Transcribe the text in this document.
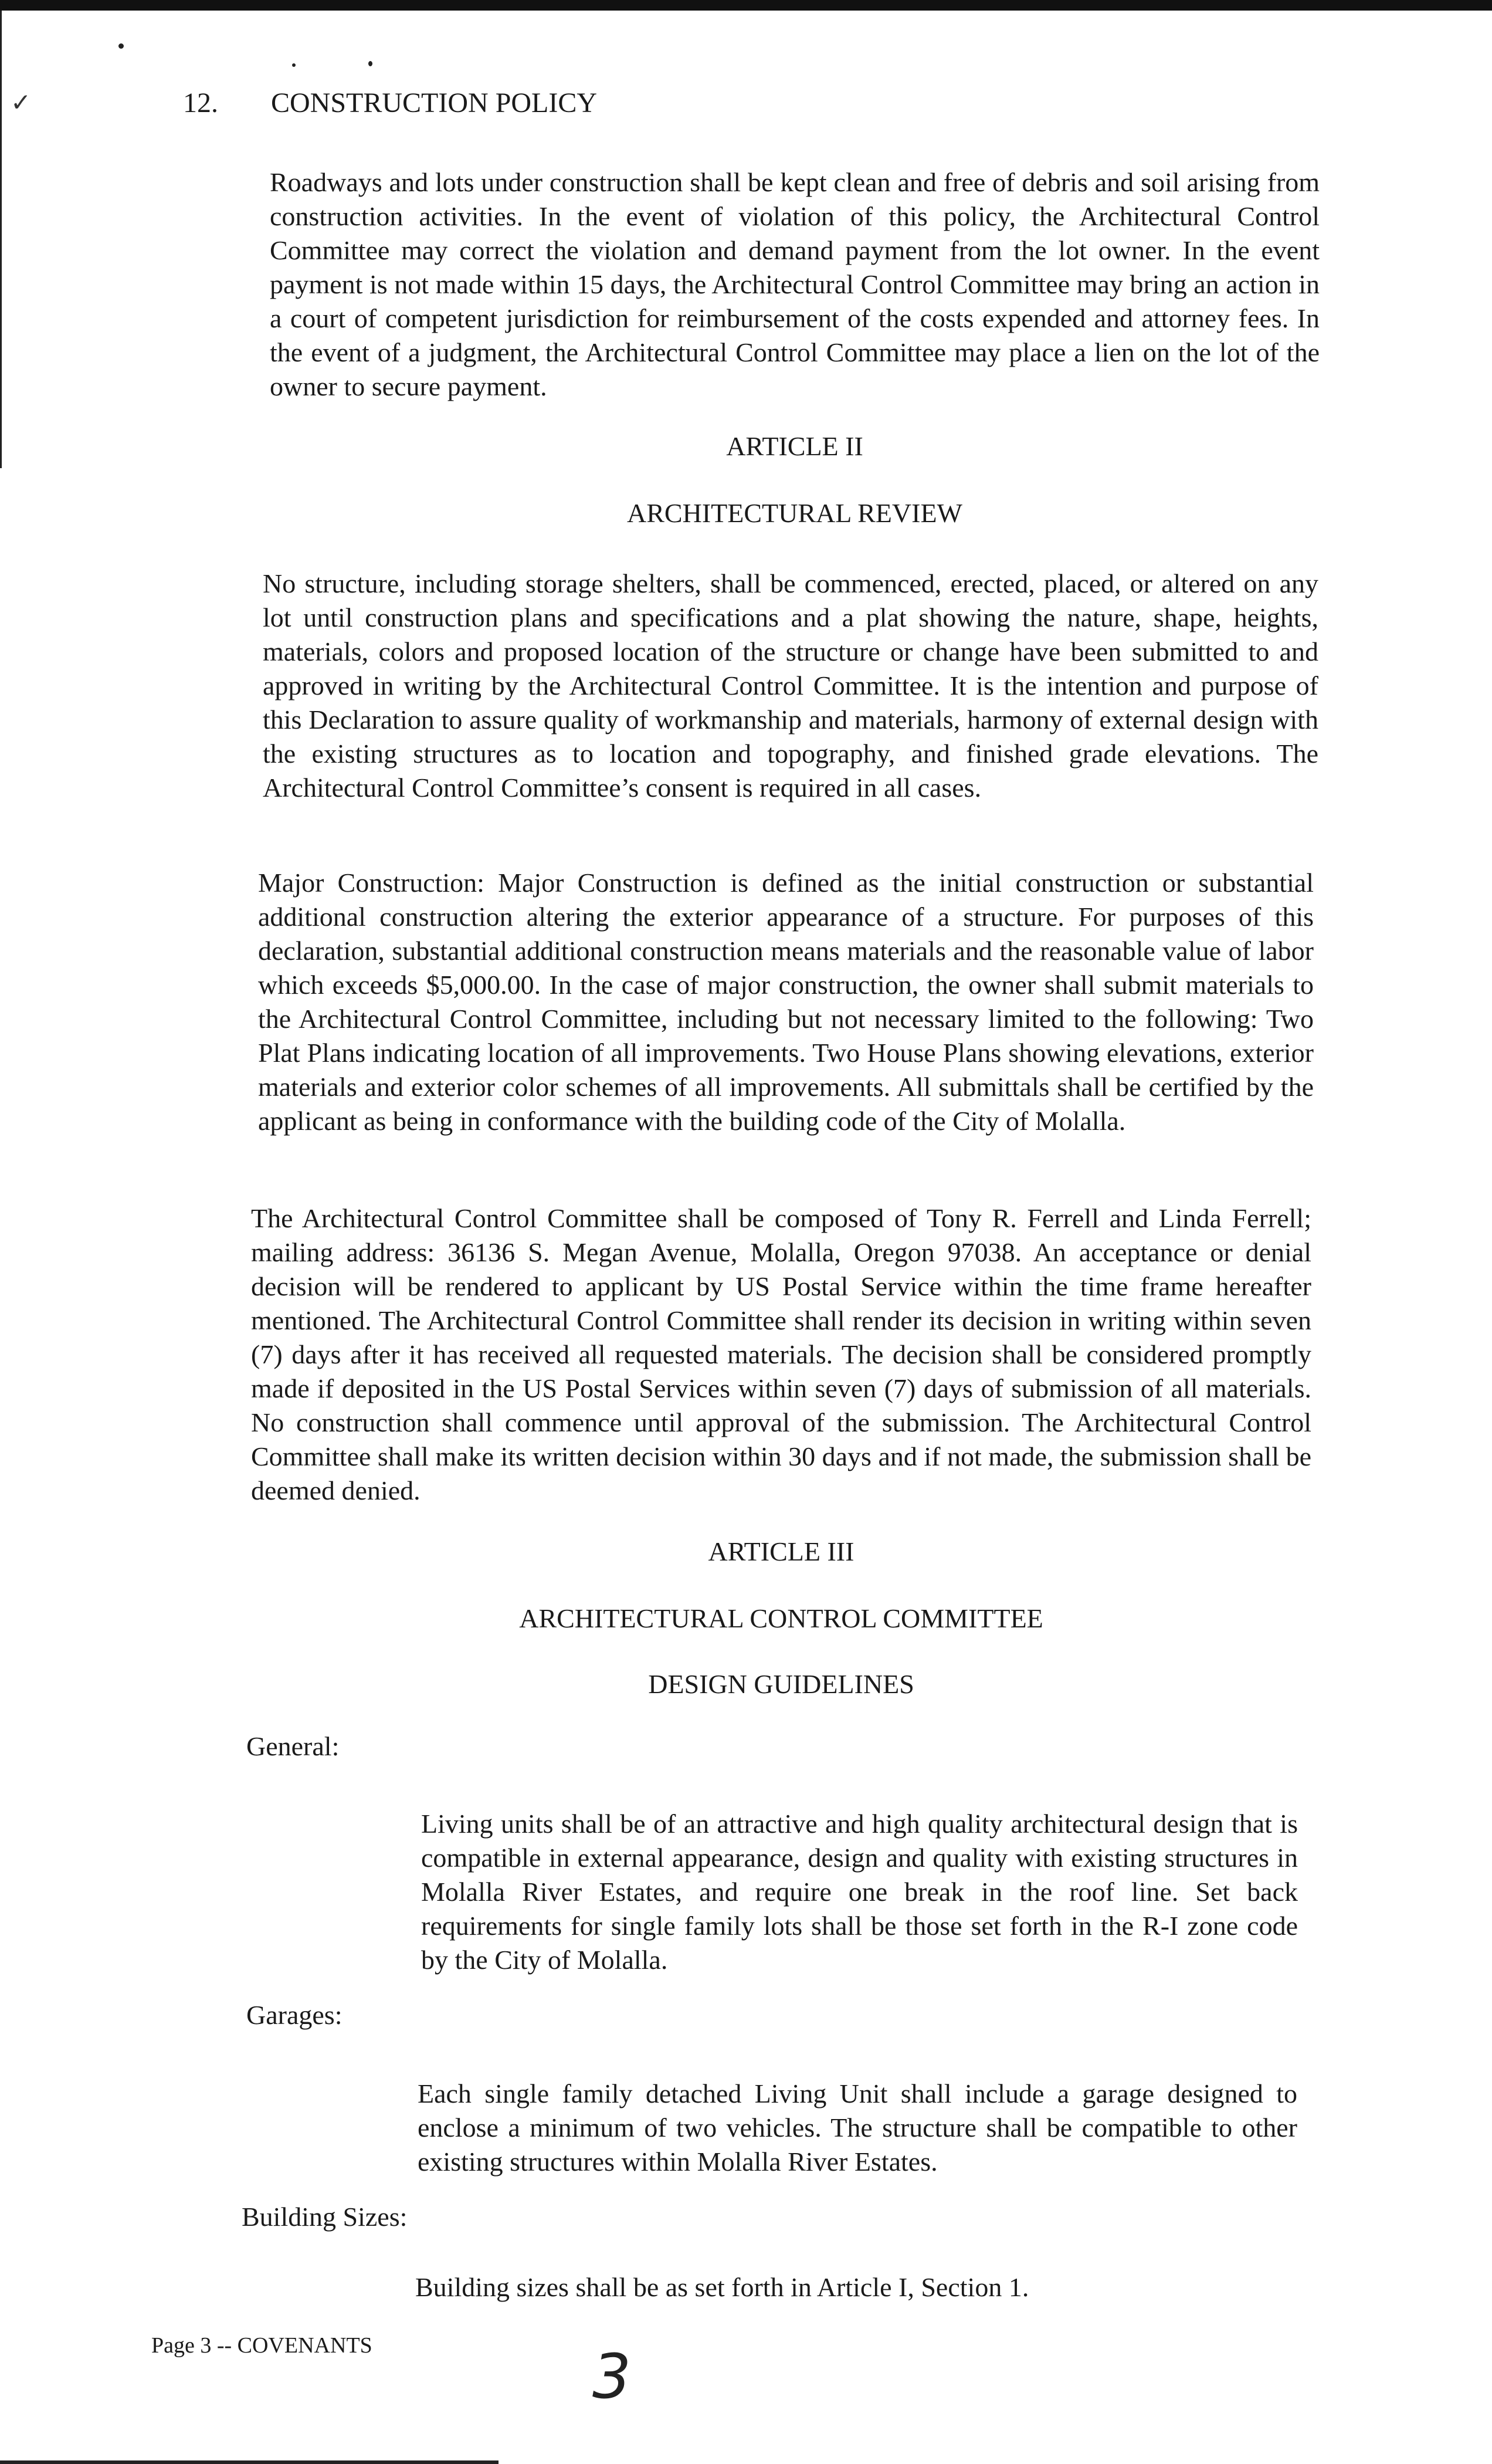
✓	12. CONSTRUCTION POLICY
Roadways and lots under construction shall be kept clean and free of debris and soil arising from construction activities. In the event of violation of this policy, the Architectural Control Committee may correct the violation and demand payment from the lot owner. In the event payment is not made within 15 days, the Architectural Control Committee may bring an action in a court of competent jurisdiction for reimbursement of the costs expended and attorney fees. In the event of a judgment, the Architectural Control Committee may place a lien on the lot of the owner to secure payment.
ARTICLE II
ARCHITECTURAL REVIEW
No structure, including storage shelters, shall be commenced, erected, placed, or altered on any lot until construction plans and specifications and a plat showing the nature, shape, heights, materials, colors and proposed location of the structure or change have been submitted to and approved in writing by the Architectural Control Committee. It is the intention and purpose of this Declaration to assure quality of workmanship and materials, harmony of external design with the existing structures as to location and topography, and finished grade elevations. The Architectural Control Committee’s consent is required in all cases.
Major Construction: Major Construction is defined as the initial construction or substantial additional construction altering the exterior appearance of a structure. For purposes of this declaration, substantial additional construction means materials and the reasonable value of labor which exceeds $5,000.00. In the case of major construction, the owner shall submit materials to the Architectural Control Committee, including but not necessary limited to the following: Two Plat Plans indicating location of all improvements. Two House Plans showing elevations, exterior materials and exterior color schemes of all improvements. All submittals shall be certified by the applicant as being in conformance with the building code of the City of Molalla.
The Architectural Control Committee shall be composed of Tony R. Ferrell and Linda Ferrell; mailing address: 36136 S. Megan Avenue, Molalla, Oregon 97038. An acceptance or denial decision will be rendered to applicant by US Postal Service within the time frame hereafter mentioned. The Architectural Control Committee shall render its decision in writing within seven (7) days after it has received all requested materials. The decision shall be considered promptly made if deposited in the US Postal Services within seven (7) days of submission of all materials. No construction shall commence until approval of the submission. The Architectural Control Committee shall make its written decision within 30 days and if not made, the submission shall be deemed denied.
ARTICLE III
ARCHITECTURAL CONTROL COMMITTEE
DESIGN GUIDELINES
General:
Living units shall be of an attractive and high quality architectural design that is compatible in external appearance, design and quality with existing structures in Molalla River Estates, and require one break in the roof line. Set back requirements for single family lots shall be those set forth in the R-I zone code by the City of Molalla.
Garages:
Each single family detached Living Unit shall include a garage designed to enclose a minimum of two vehicles. The structure shall be compatible to other existing structures within Molalla River Estates.
Building Sizes:
Building sizes shall be as set forth in Article I, Section 1.
Page 3 -- COVENANTS	3
